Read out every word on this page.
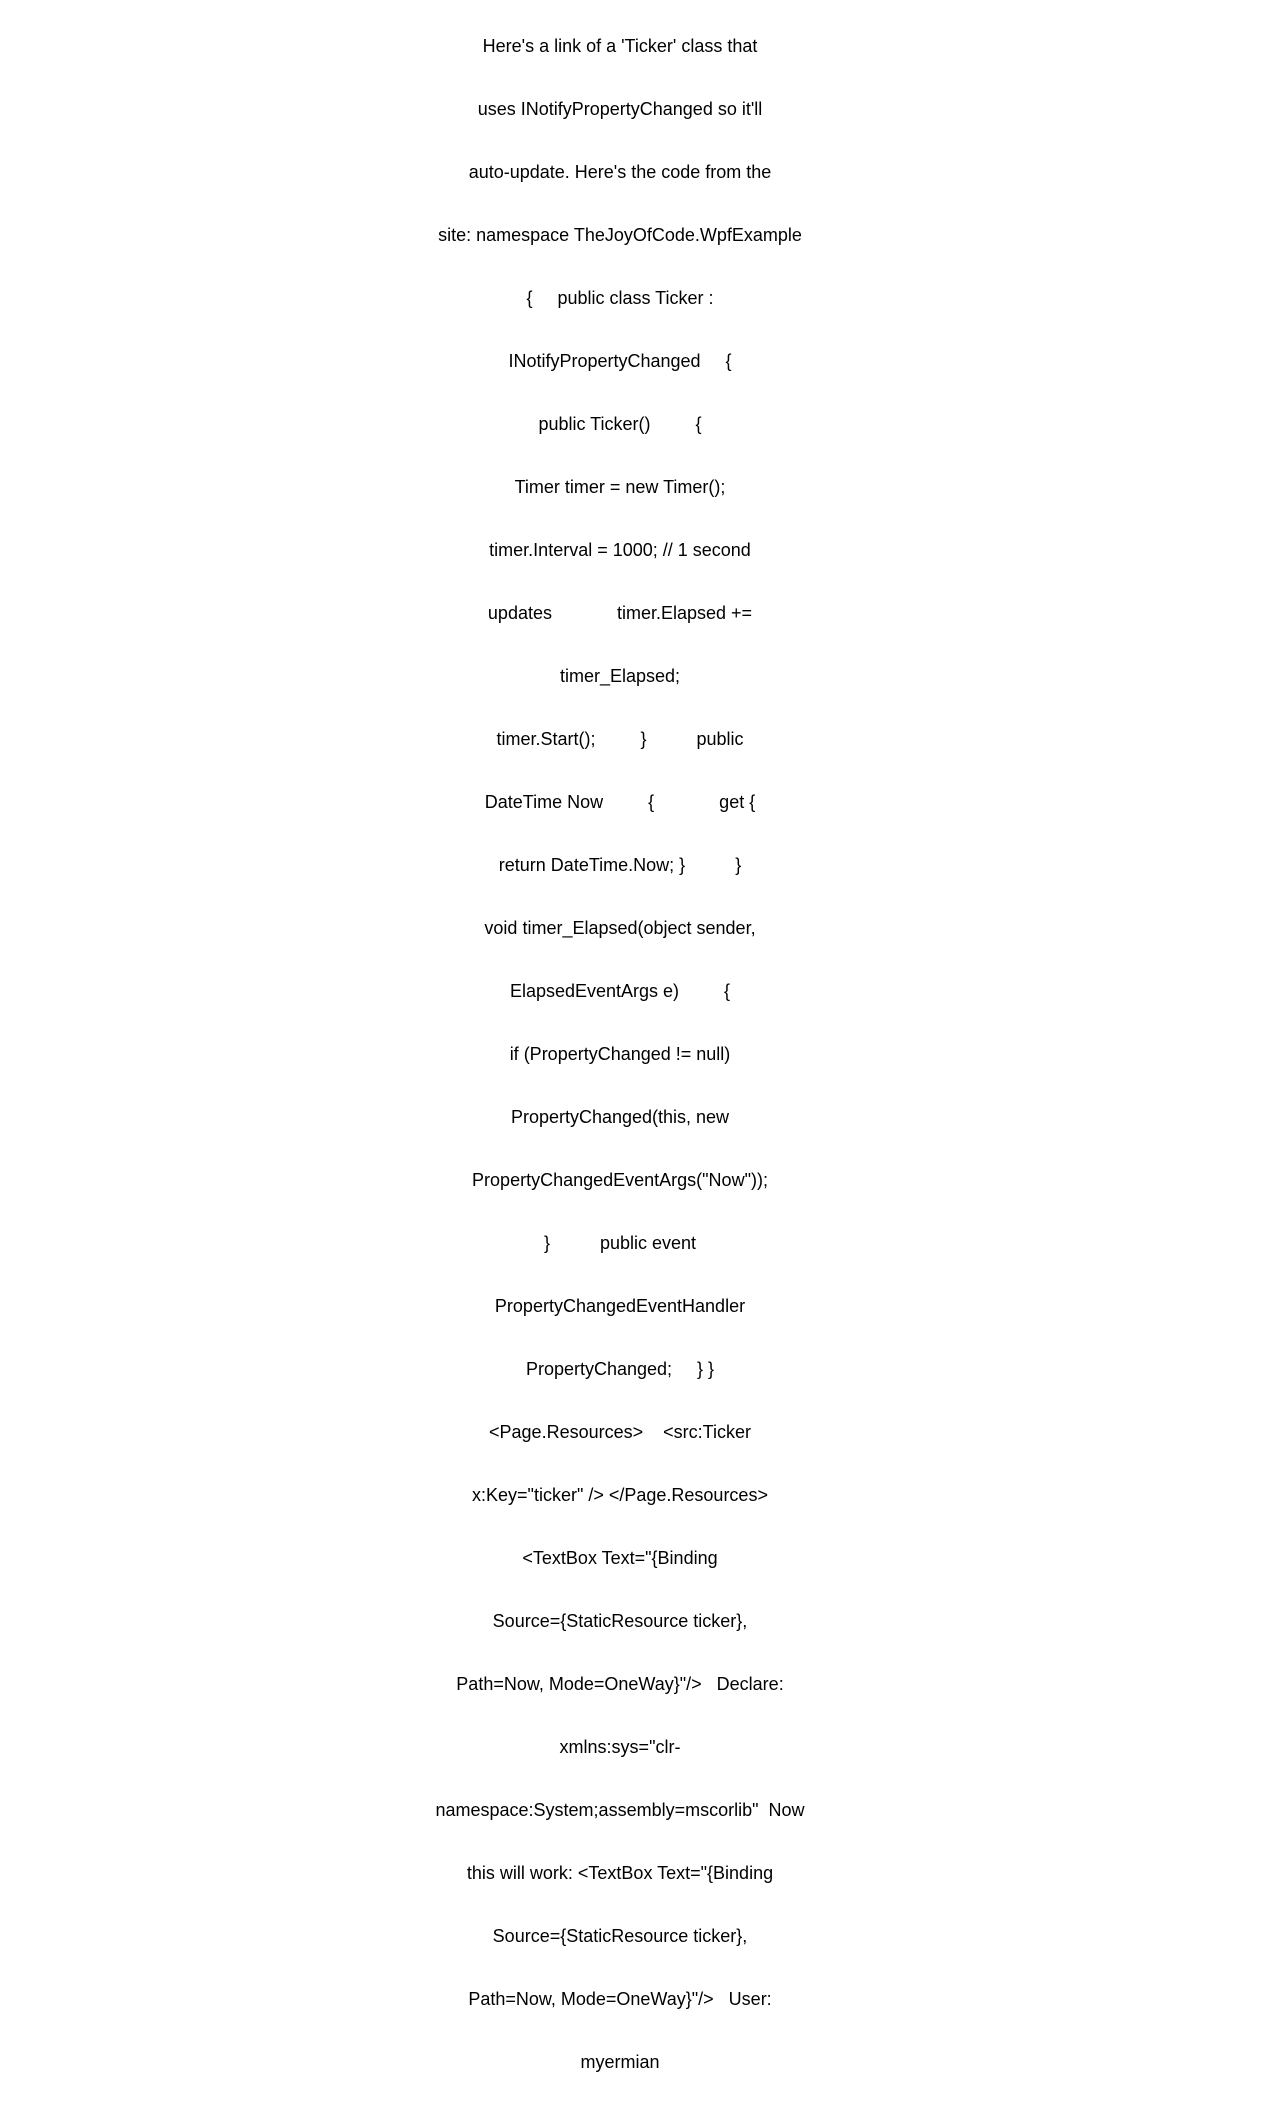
Here's a link of a 'Ticker' class that

uses INotifyPropertyChanged so it'll

auto-update. Here's the code from the

site: namespace TheJoyOfCode.WpfExample

{     public class Ticker :

INotifyPropertyChanged     {

public Ticker()         {

Timer timer = new Timer();

timer.Interval = 1000; // 1 second

updates             timer.Elapsed +=

timer_Elapsed;

timer.Start();         }          public

DateTime Now         {             get {

return DateTime.Now; }          }

void timer_Elapsed(object sender,

ElapsedEventArgs e)         {

if (PropertyChanged != null)

PropertyChanged(this, new

PropertyChangedEventArgs("Now"));

}          public event

PropertyChangedEventHandler

PropertyChanged;     } }

<Page.Resources>    <src:Ticker

x:Key="ticker" /> </Page.Resources>

<TextBox Text="{Binding

Source={StaticResource ticker},

Path=Now, Mode=OneWay}"/>   Declare:

xmlns:sys="clr-

namespace:System;assembly=mscorlib"  Now

this will work: <TextBox Text="{Binding

Source={StaticResource ticker},

Path=Now, Mode=OneWay}"/>   User:

myermian
